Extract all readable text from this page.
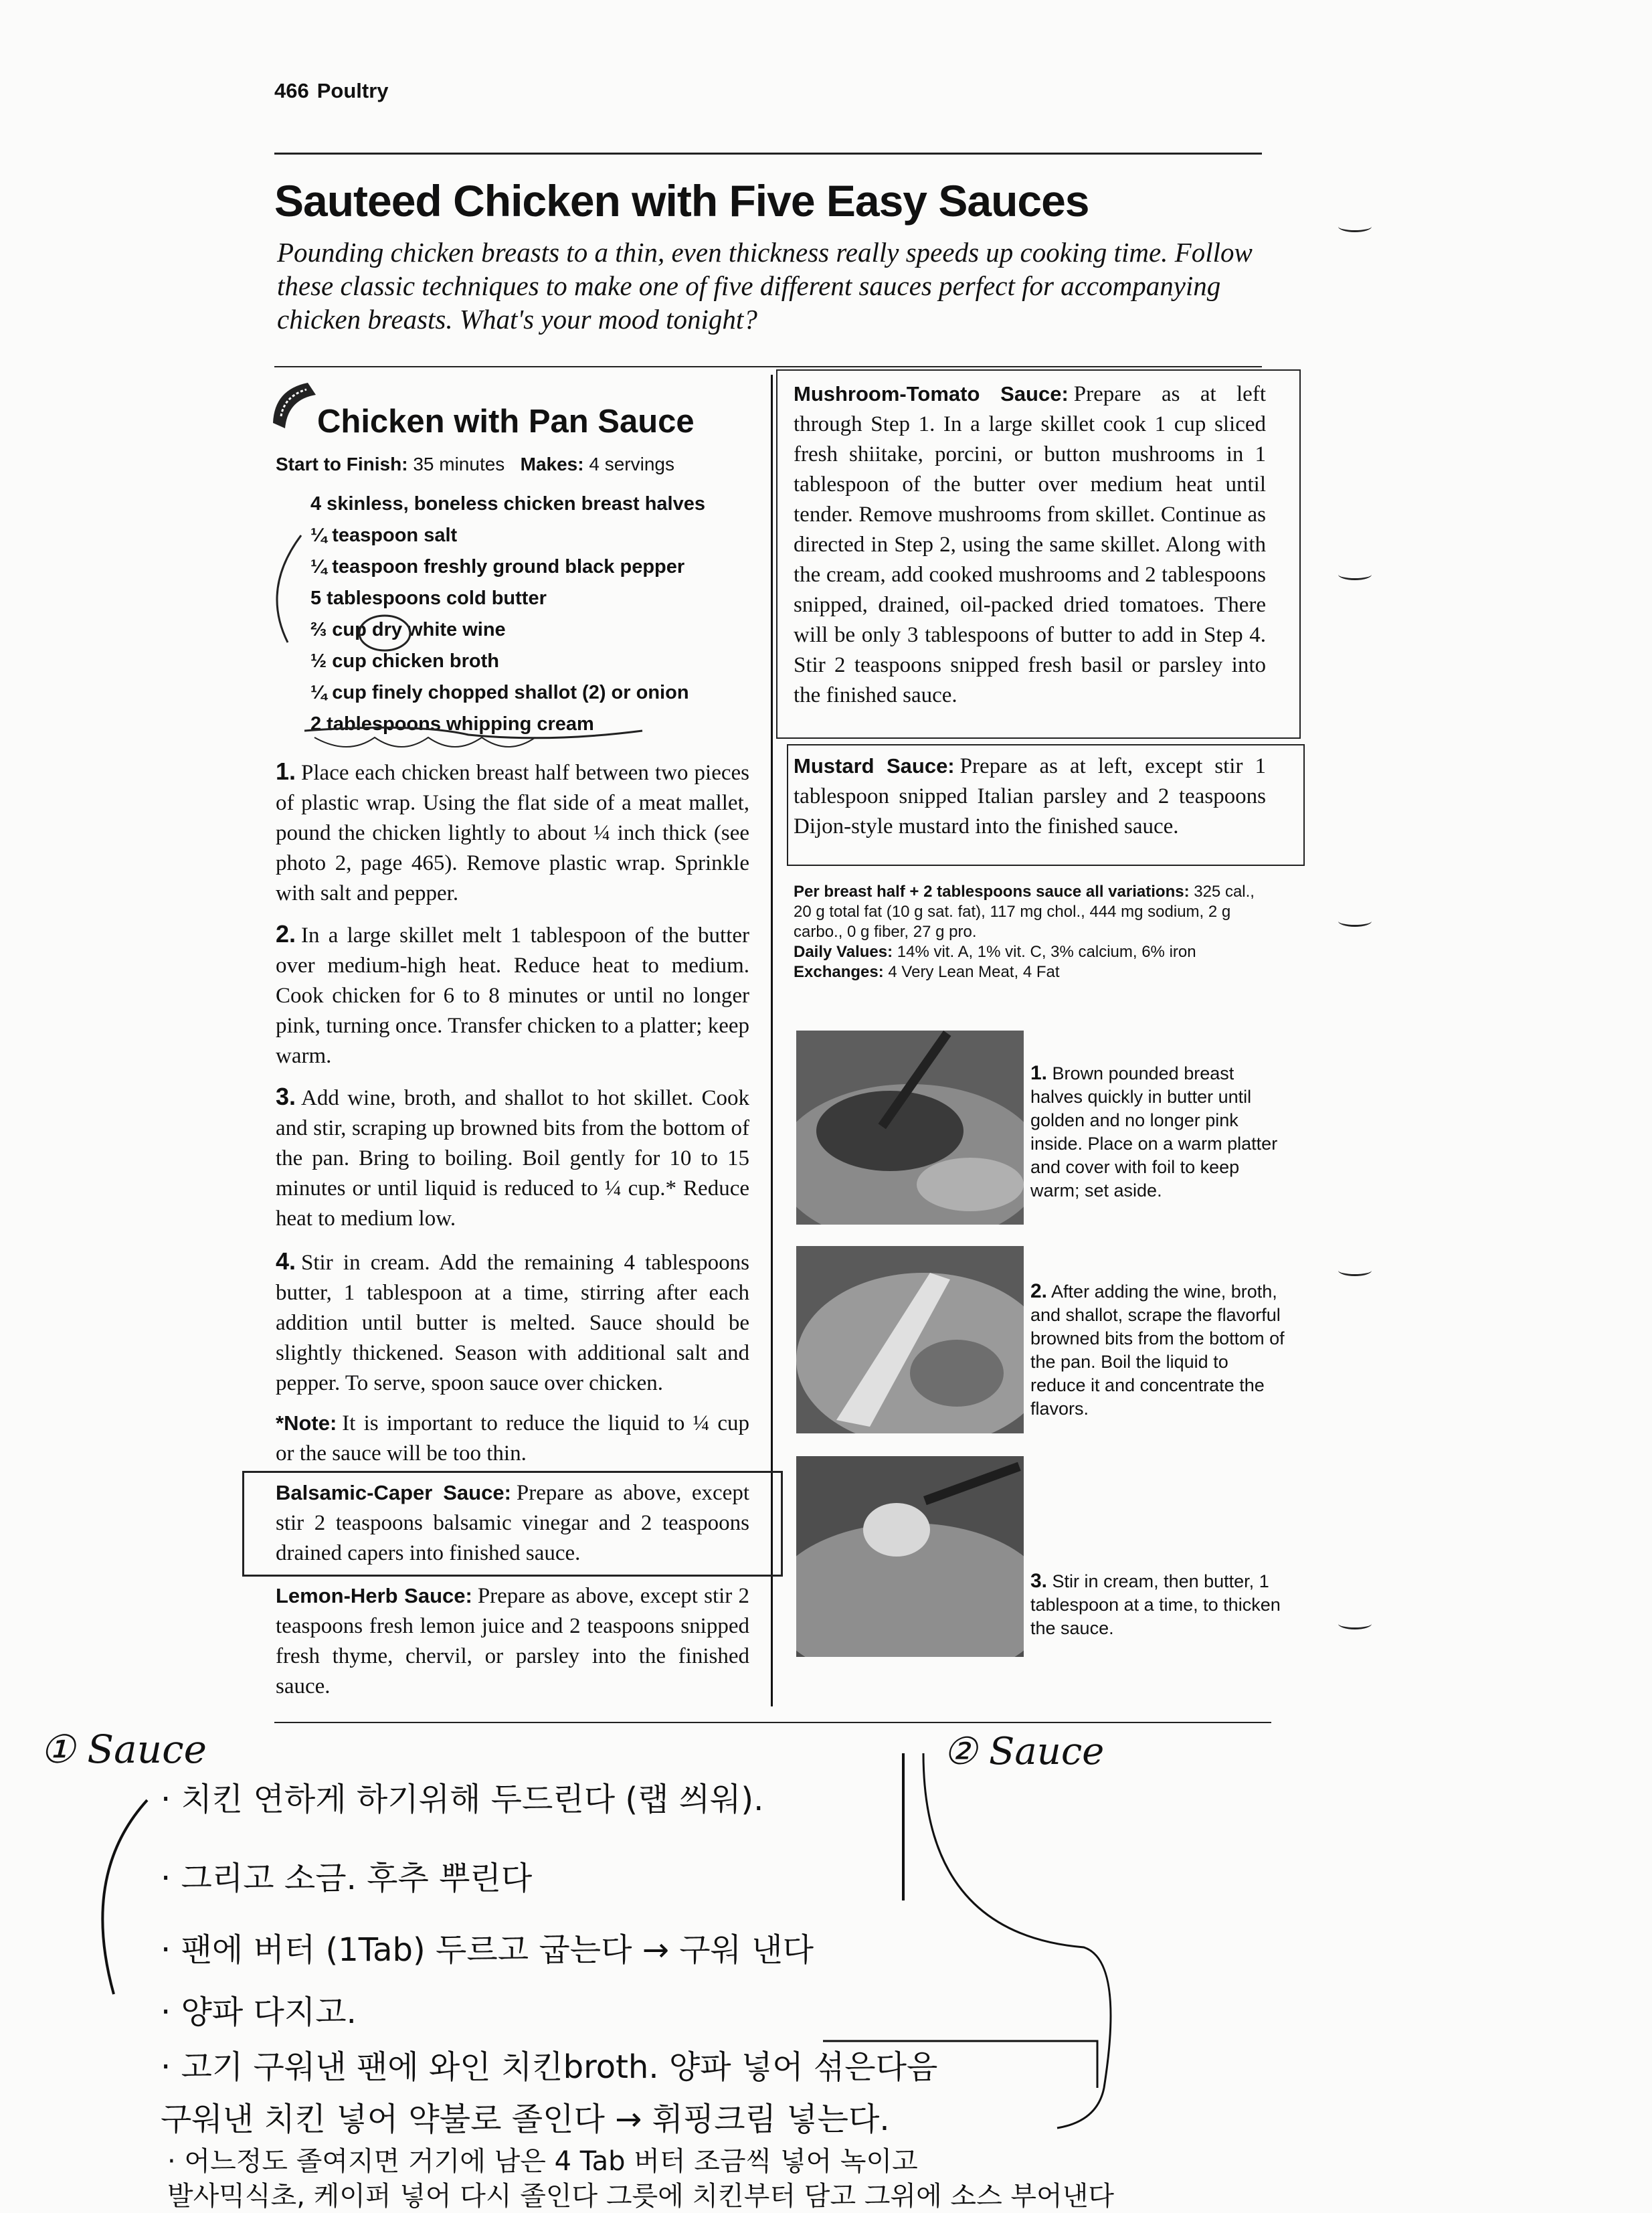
466 Poultry
Sauteed Chicken with Five Easy Sauces
Pounding chicken breasts to a thin, even thickness really speeds up cooking time. Follow these classic techniques to make one of five different sauces perfect for accompanying chicken breasts. What's your mood tonight?
Chicken with Pan Sauce
Start to Finish: 35 minutes Makes: 4 servings
4 skinless, boneless chicken breast halves
¼ teaspoon salt
¼ teaspoon freshly ground black pepper
5 tablespoons cold butter
⅔ cup dry white wine
½ cup chicken broth
¼ cup finely chopped shallot (2) or onion
2 tablespoons whipping cream
1. Place each chicken breast half between two pieces of plastic wrap. Using the flat side of a meat mallet, pound the chicken lightly to about ¼ inch thick (see photo 2, page 465). Remove plastic wrap. Sprinkle with salt and pepper.
2. In a large skillet melt 1 tablespoon of the butter over medium-high heat. Reduce heat to medium. Cook chicken for 6 to 8 minutes or until no longer pink, turning once. Transfer chicken to a platter; keep warm.
3. Add wine, broth, and shallot to hot skillet. Cook and stir, scraping up browned bits from the bottom of the pan. Bring to boiling. Boil gently for 10 to 15 minutes or until liquid is reduced to ¼ cup.* Reduce heat to medium low.
4. Stir in cream. Add the remaining 4 tablespoons butter, 1 tablespoon at a time, stirring after each addition until butter is melted. Sauce should be slightly thickened. Season with additional salt and pepper. To serve, spoon sauce over chicken.
*Note: It is important to reduce the liquid to ¼ cup or the sauce will be too thin.
Balsamic-Caper Sauce: Prepare as above, except stir 2 teaspoons balsamic vinegar and 2 teaspoons drained capers into finished sauce.
Lemon-Herb Sauce: Prepare as above, except stir 2 teaspoons fresh lemon juice and 2 teaspoons snipped fresh thyme, chervil, or parsley into the finished sauce.
Mushroom-Tomato Sauce: Prepare as at left through Step 1. In a large skillet cook 1 cup sliced fresh shiitake, porcini, or button mushrooms in 1 tablespoon of the butter over medium heat until tender. Remove mushrooms from skillet. Continue as directed in Step 2, using the same skillet. Along with the cream, add cooked mushrooms and 2 tablespoons snipped, drained, oil-packed dried tomatoes. There will be only 3 tablespoons of butter to add in Step 4. Stir 2 teaspoons snipped fresh basil or parsley into the finished sauce.
Mustard Sauce: Prepare as at left, except stir 1 tablespoon snipped Italian parsley and 2 teaspoons Dijon-style mustard into the finished sauce.
Per breast half + 2 tablespoons sauce all variations: 325 cal., 20 g total fat (10 g sat. fat), 117 mg chol., 444 mg sodium, 2 g carbo., 0 g fiber, 27 g pro.
Daily Values: 14% vit. A, 1% vit. C, 3% calcium, 6% iron
Exchanges: 4 Very Lean Meat, 4 Fat
1. Brown pounded breast halves quickly in butter until golden and no longer pink inside. Place on a warm platter and cover with foil to keep warm; set aside.
2. After adding the wine, broth, and shallot, scrape the flavorful browned bits from the bottom of the pan. Boil the liquid to reduce it and concentrate the flavors.
3. Stir in cream, then butter, 1 tablespoon at a time, to thicken the sauce.
① Sauce	② Sauce
· 치킨 연하게 하기위해 두드린다 (랩 씌워).
· 그리고 소금. 후추 뿌린다
· 팬에 버터 (1Tab) 두르고 굽는다 → 구워 낸다
· 양파 다지고.
· 고기 구워낸 팬에 와인 치킨broth. 양파 넣어 섞은다음
구워낸 치킨 넣어 약불로 졸인다 → 휘핑크림 넣는다.
· 어느정도 졸여지면 거기에 남은 4 Tab 버터 조금씩 넣어 녹이고
발사믹식초, 케이퍼 넣어 다시 졸인다 그릇에 치킨부터 담고 그위에 소스 부어낸다
